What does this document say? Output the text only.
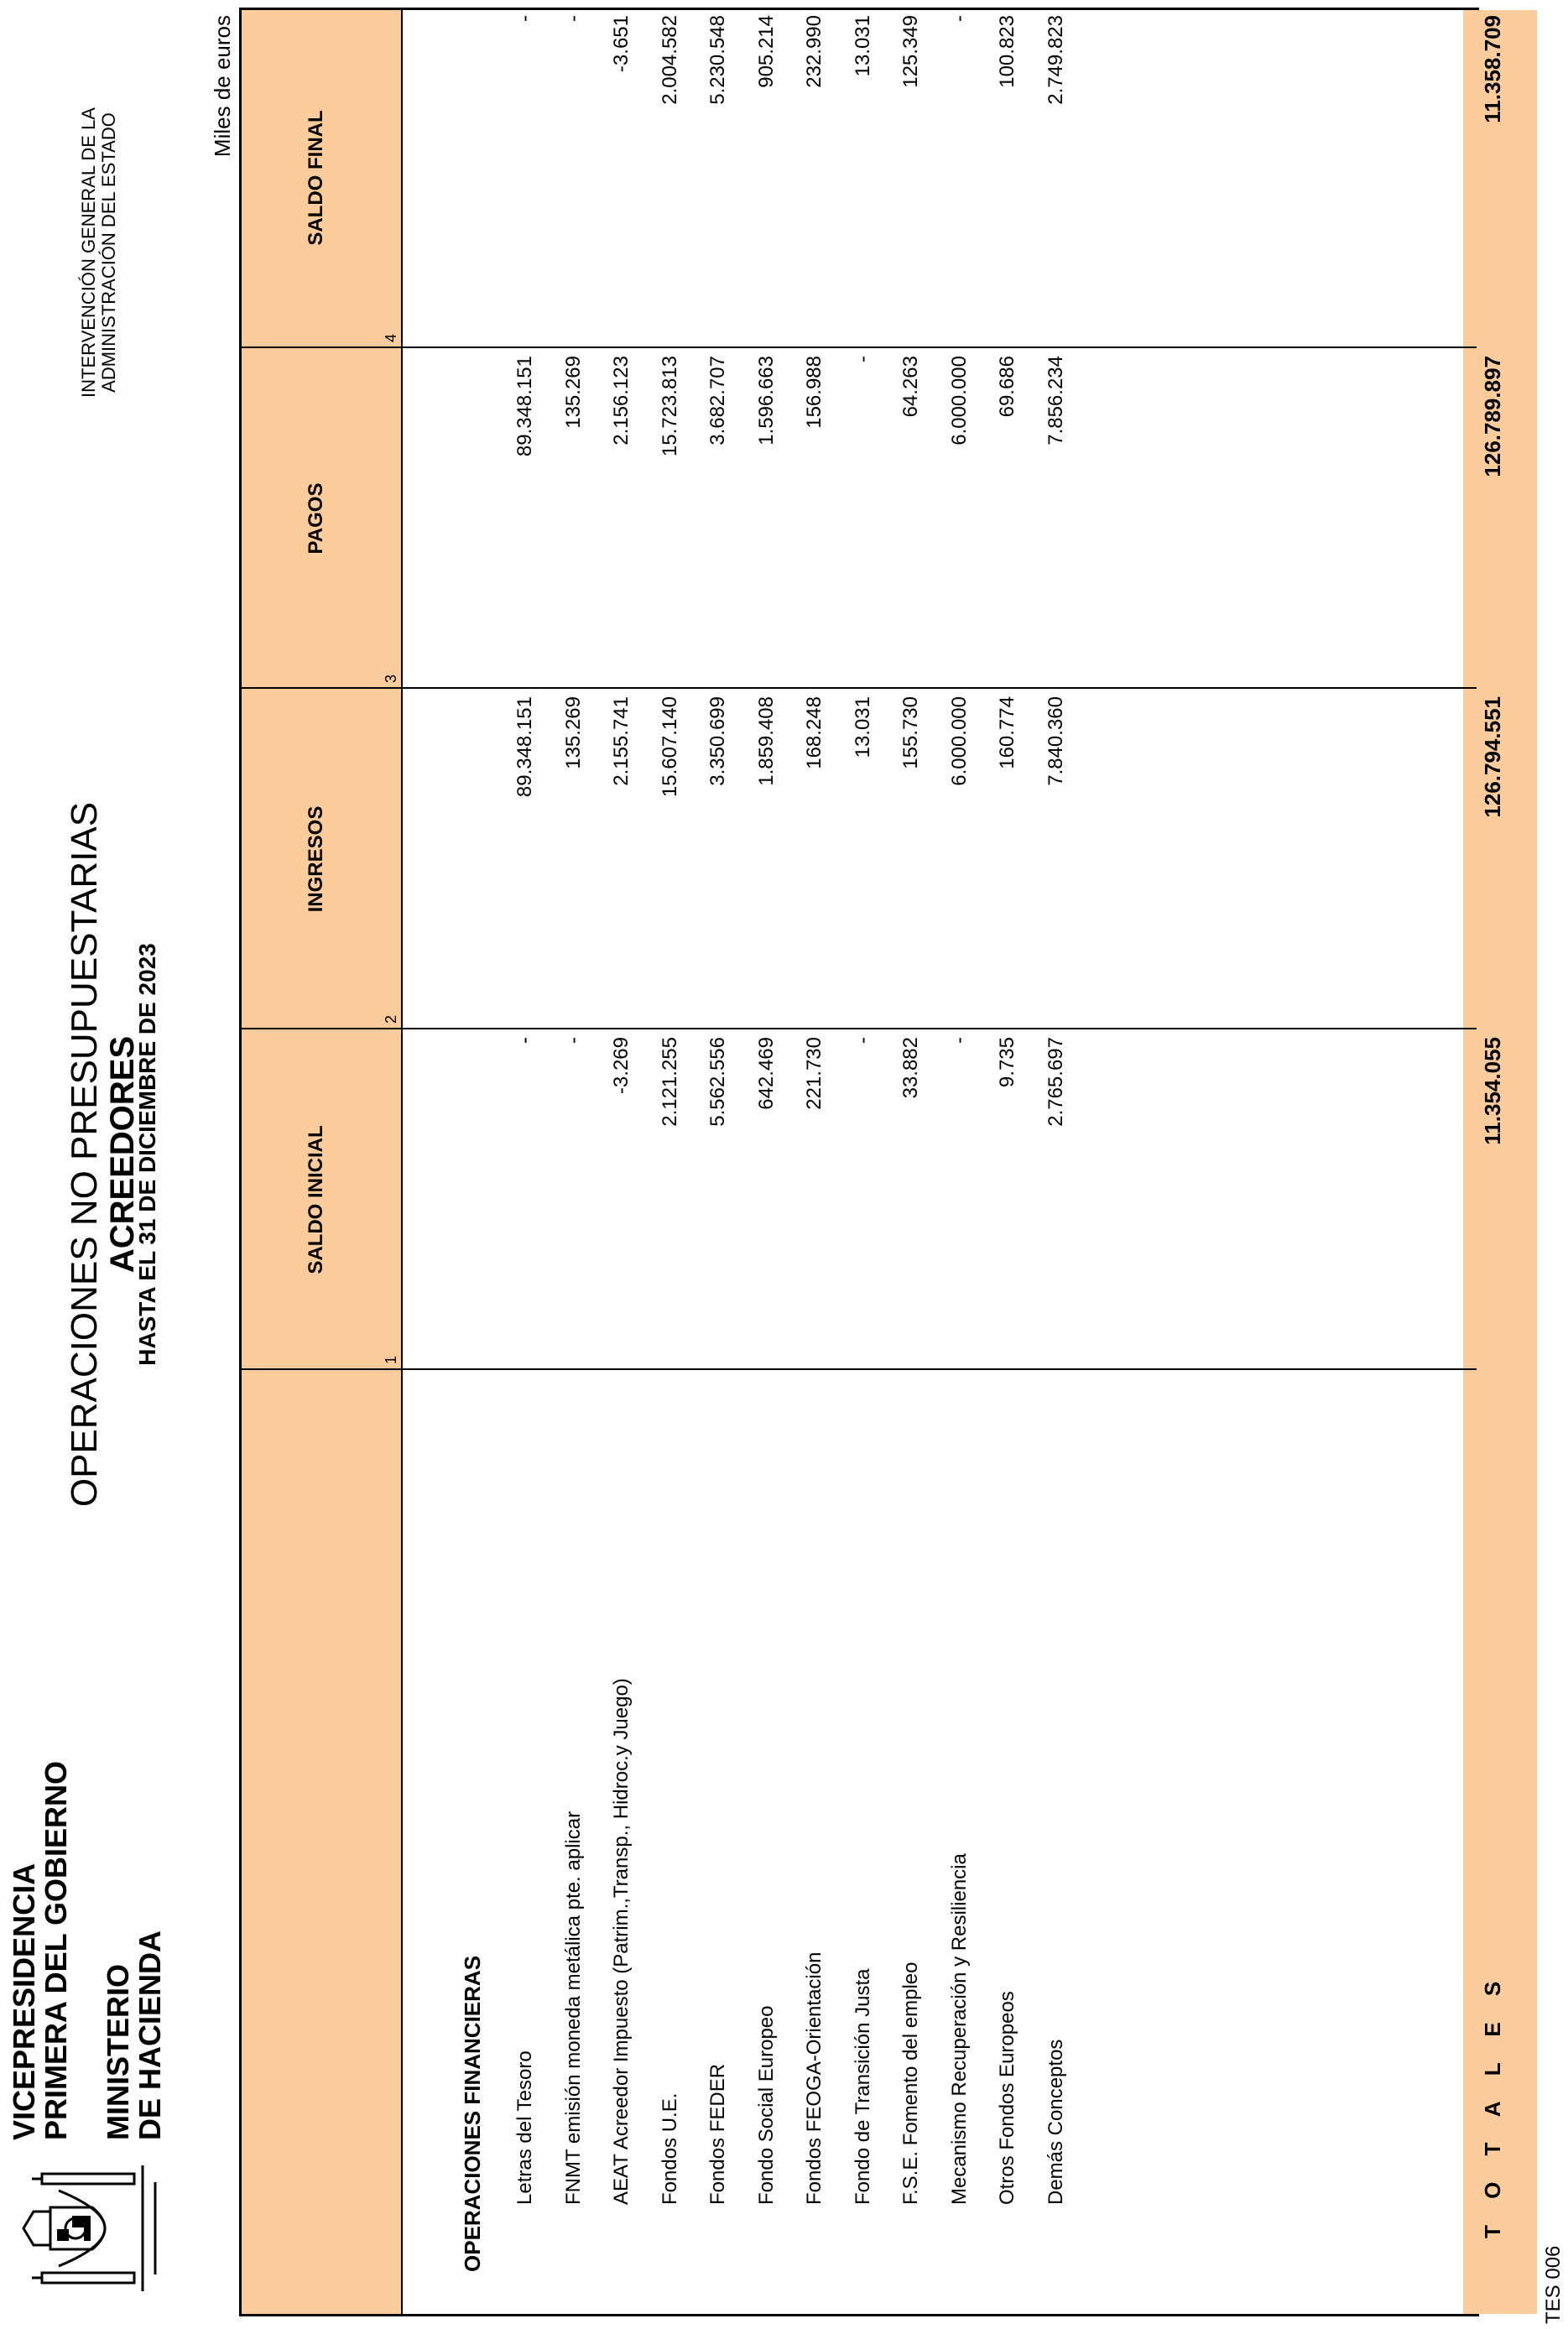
VICEPRESIDENCIA
PRIMERA DEL GOBIERNO MINISTERIO
DE HACIENDA
OPERACIONES NO PRESUPUESTARIAS ACREEDORES
HASTA EL 31 DE DICIEMBRE DE 2023
INTERVENCIÓN GENERAL DE LA ADMINISTRACIÓN DEL ESTADO
Miles de euros
SALDO INICIAL
INGRESOS
PAGOS
SALDO FINAL
1
2
3
4
OPERACIONES FINANCIERAS Letras del Tesoro
-
89.348.151
89.348.151
-
FNMT emisión moneda metálica pte. aplicar
-
135.269
135.269
-
AEAT Acreedor Impuesto (Patrim.,Transp., Hidroc.y Juego)
-3.269
2.155.741
2.156.123
-3.651
Fondos U.E.
2.121.255
15.607.140
15.723.813
2.004.582
Fondos FEDER
5.562.556
3.350.699
3.682.707
5.230.548
Fondo Social Europeo
642.469
1.859.408
1.596.663
905.214
Fondos FEOGA-Orientación
221.730
168.248
156.988
232.990
Fondo de Transición Justa
-
13.031
-
13.031
F.S.E. Fomento del empleo
33.882
155.730
64.263
125.349
Mecanismo Recuperación y Resiliencia
-
6.000.000
6.000.000
-
Otros Fondos Europeos
9.735
160.774
69.686
100.823
Demás Conceptos
2.765.697
7.840.360
7.856.234
2.749.823
T O T A L E S
11.354.055
126.794.551
126.789.897
11.358.709
TES 006
